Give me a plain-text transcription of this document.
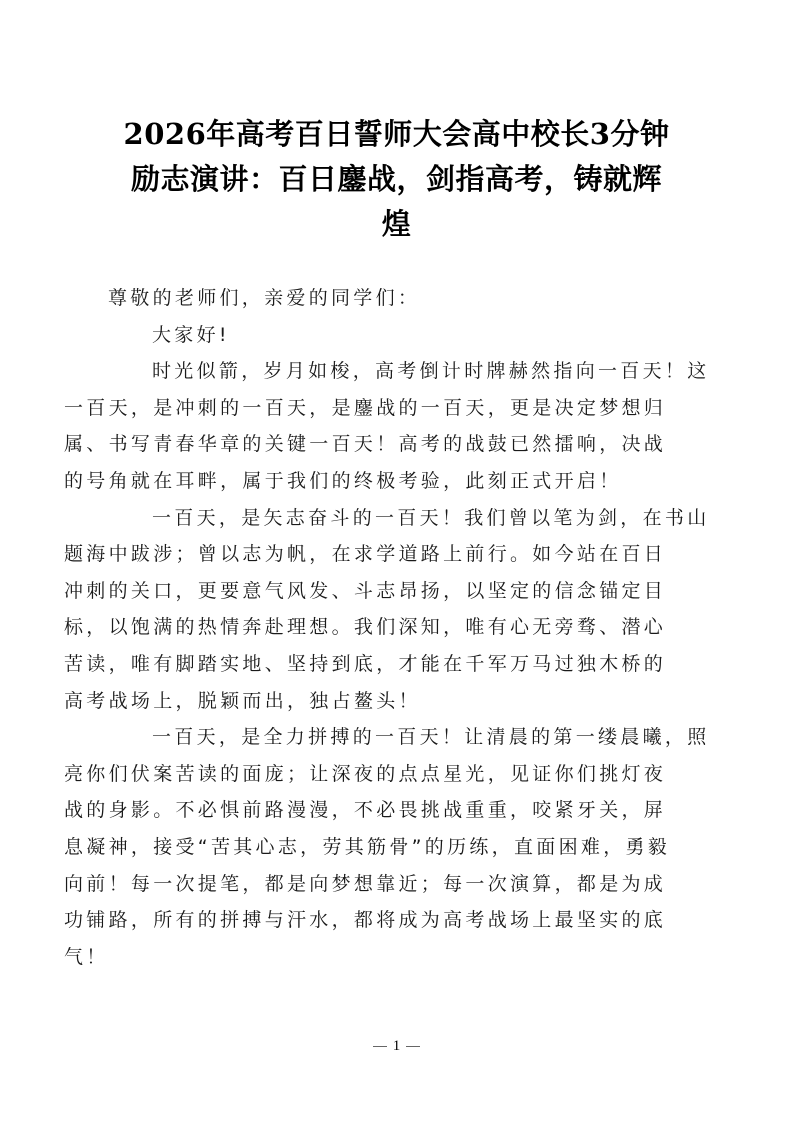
2026年高考百日誓师大会高中校长3分钟
励志演讲：百日鏖战，剑指高考，铸就辉
煌

尊敬的老师们，亲爱的同学们：

大家好!

时光似箭，岁月如梭，高考倒计时牌赫然指向一百天！这
一百天，是冲刺的一百天，是鏖战的一百天，更是决定梦想归
属、书写青春华章的关键一百天！高考的战鼓已然擂响，决战
的号角就在耳畔，属于我们的终极考验，此刻正式开启！

一百天，是矢志奋斗的一百天！我们曾以笔为剑，在书山
题海中跋涉；曾以志为帆，在求学道路上前行。如今站在百日
冲刺的关口，更要意气风发、斗志昂扬，以坚定的信念锚定目
标，以饱满的热情奔赴理想。我们深知，唯有心无旁骛、潜心
苦读，唯有脚踏实地、坚持到底，才能在千军万马过独木桥的
高考战场上，脱颖而出，独占鳌头！

一百天，是全力拼搏的一百天！让清晨的第一缕晨曦，照
亮你们伏案苦读的面庞；让深夜的点点星光，见证你们挑灯夜
战的身影。不必惧前路漫漫，不必畏挑战重重，咬紧牙关，屏
息凝神，接受“苦其心志，劳其筋骨”的历练，直面困难，勇毅
向前！每一次提笔，都是向梦想靠近；每一次演算，都是为成
功铺路，所有的拼搏与汗水，都将成为高考战场上最坚实的底
气！

1
